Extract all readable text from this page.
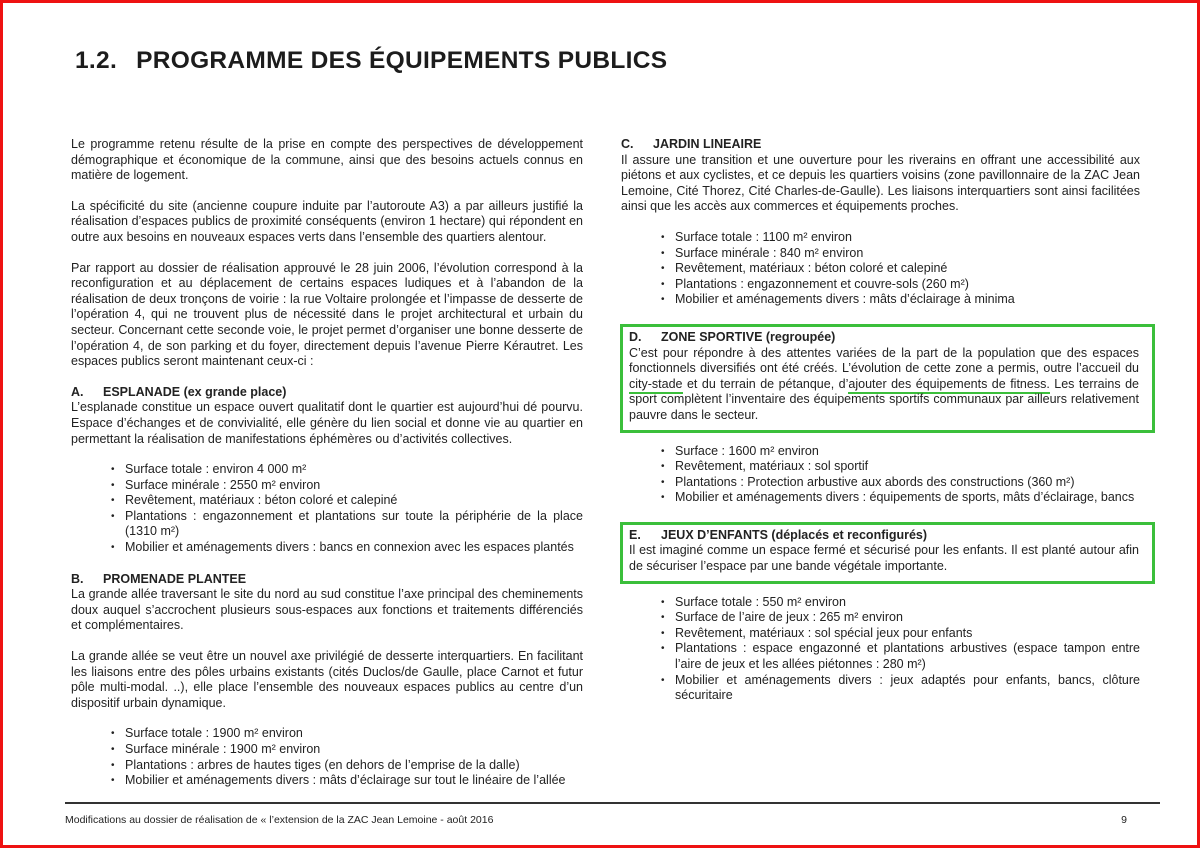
1.2. PROGRAMME DES ÉQUIPEMENTS PUBLICS

Le programme retenu résulte de la prise en compte des perspectives de développement démographique et économique de la commune, ainsi que des besoins actuels connus en matière de logement.

La spécificité du site (ancienne coupure induite par l’autoroute A3) a par ailleurs justifié la réalisation d’espaces publics de proximité conséquents (environ 1 hectare) qui répondent en outre aux besoins en nouveaux espaces verts dans l’ensemble des quartiers alentour.

Par rapport au dossier de réalisation approuvé le 28 juin 2006, l’évolution correspond à la reconfiguration et au déplacement de certains espaces ludiques et à l’abandon de la réalisation de deux tronçons de voirie : la rue Voltaire prolongée et l’impasse de desserte de l’opération 4, qui ne trouvent plus de nécessité dans le projet architectural et urbain du secteur. Concernant cette seconde voie, le projet permet d’organiser une bonne desserte de l’opération 4, de son parking et du foyer, directement depuis l’avenue Pierre Kérautret. Les espaces publics seront maintenant ceux-ci :

A. ESPLANADE (ex grande place)

L’esplanade constitue un espace ouvert qualitatif dont le quartier est aujourd’hui dé pourvu. Espace d’échanges et de convivialité, elle génère du lien social et donne vie au quartier en permettant la réalisation de manifestations éphémères ou d’activités collectives.

• Surface totale : environ 4 000 m²
• Surface minérale : 2550 m² environ
• Revêtement, matériaux : béton coloré et calepiné
• Plantations : engazonnement et plantations sur toute la périphérie de la place (1310 m²)
• Mobilier et aménagements divers : bancs en connexion avec les espaces plantés

B. PROMENADE PLANTEE

La grande allée traversant le site du nord au sud constitue l’axe principal des cheminements doux auquel s’accrochent plusieurs sous-espaces aux fonctions et traitements différenciés et complémentaires.

La grande allée se veut être un nouvel axe privilégié de desserte interquartiers. En facilitant les liaisons entre des pôles urbains existants (cités Duclos/de Gaulle, place Carnot et futur pôle multi-modal. ..), elle place l’ensemble des nouveaux espaces publics au centre d’un dispositif urbain dynamique.

• Surface totale : 1900 m² environ
• Surface minérale : 1900 m² environ
• Plantations : arbres de hautes tiges (en dehors de l’emprise de la dalle)
• Mobilier et aménagements divers : mâts d’éclairage sur tout le linéaire de l’allée

C. JARDIN LINEAIRE

Il assure une transition et une ouverture pour les riverains en offrant une accessibilité aux piétons et aux cyclistes, et ce depuis les quartiers voisins (zone pavillonnaire de la ZAC Jean Lemoine, Cité Thorez, Cité Charles-de-Gaulle). Les liaisons interquartiers sont ainsi facilitées ainsi que les accès aux commerces et équipements proches.

• Surface totale : 1100 m² environ
• Surface minérale : 840 m² environ
• Revêtement, matériaux : béton coloré et calepiné
• Plantations : engazonnement et couvre-sols (260 m²)
• Mobilier et aménagements divers : mâts d’éclairage à minima

D. ZONE SPORTIVE (regroupée)

C’est pour répondre à des attentes variées de la part de la population que des espaces fonctionnels diversifiés ont été créés. L’évolution de cette zone a permis, outre l’accueil du city-stade et du terrain de pétanque, d’ajouter des équipements de fitness. Les terrains de sport complètent l’inventaire des équipements sportifs communaux par ailleurs relativement pauvre dans le secteur.

• Surface : 1600 m² environ
• Revêtement, matériaux : sol sportif
• Plantations : Protection arbustive aux abords des constructions (360 m²)
• Mobilier et aménagements divers : équipements de sports, mâts d’éclairage, bancs

E. JEUX D’ENFANTS (déplacés et reconfigurés)

Il est imaginé comme un espace fermé et sécurisé pour les enfants. Il est planté autour afin de sécuriser l’espace par une bande végétale importante.

• Surface totale : 550 m² environ
• Surface de l’aire de jeux : 265 m² environ
• Revêtement, matériaux : sol spécial jeux pour enfants
• Plantations : espace engazonné et plantations arbustives (espace tampon entre l’aire de jeux et les allées piétonnes : 280 m²)
• Mobilier et aménagements divers : jeux adaptés pour enfants, bancs, clôture sécuritaire
Modifications au dossier de réalisation de « l’extension de la ZAC Jean Lemoine - août 2016	9
